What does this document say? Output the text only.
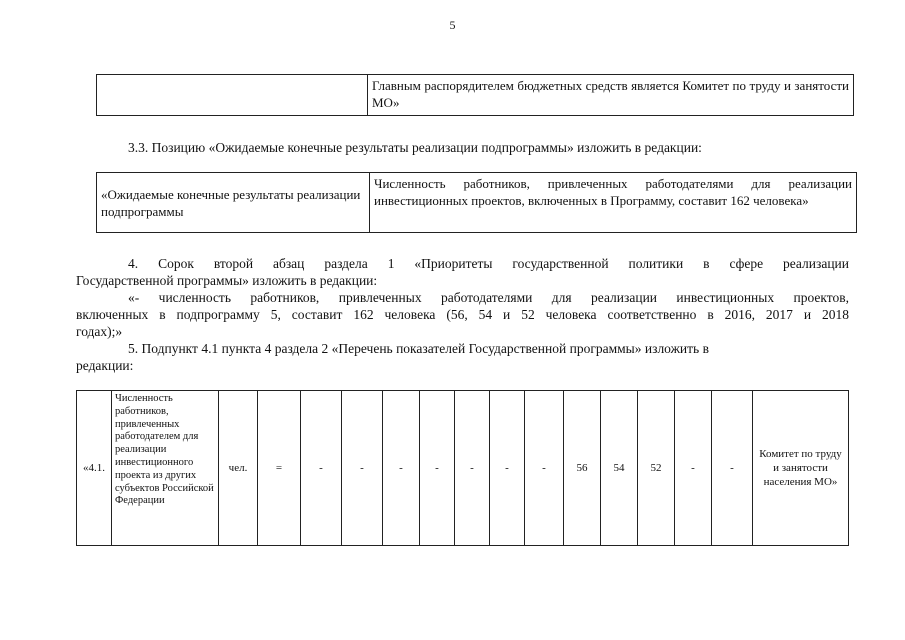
5
	Главным распорядителем бюджетных средств является Комитет по труду и занятости МО»
3.3. Позицию «Ожидаемые конечные результаты реализации подпрограммы» изложить в редакции:
«Ожидаемые конечные результаты реализации подпрограммы	Численность работников, привлеченных работодателями для реализации инвестиционных проектов, включенных в Программу, составит 162 человека»
4. Сорок второй абзац раздела 1 «Приоритеты государственной политики в сфере реализации
Государственной программы» изложить в редакции:
«- численность работников, привлеченных работодателями для реализации инвестиционных проектов,
включенных в подпрограмму 5, составит 162 человека (56, 54 и 52 человека соответственно в 2016, 2017 и 2018
годах);»
5. Подпункт 4.1 пункта 4 раздела 2 «Перечень показателей Государственной программы» изложить в
редакции:
«4.1.	Численность работников, привлеченных работодателем для реализации инвестиционного проекта из других субъектов Российской Федерации	чел.	=	-	-	-	-	-	-	-	56	54	52	-	-	Комитет по труду и занятости населения МО»
